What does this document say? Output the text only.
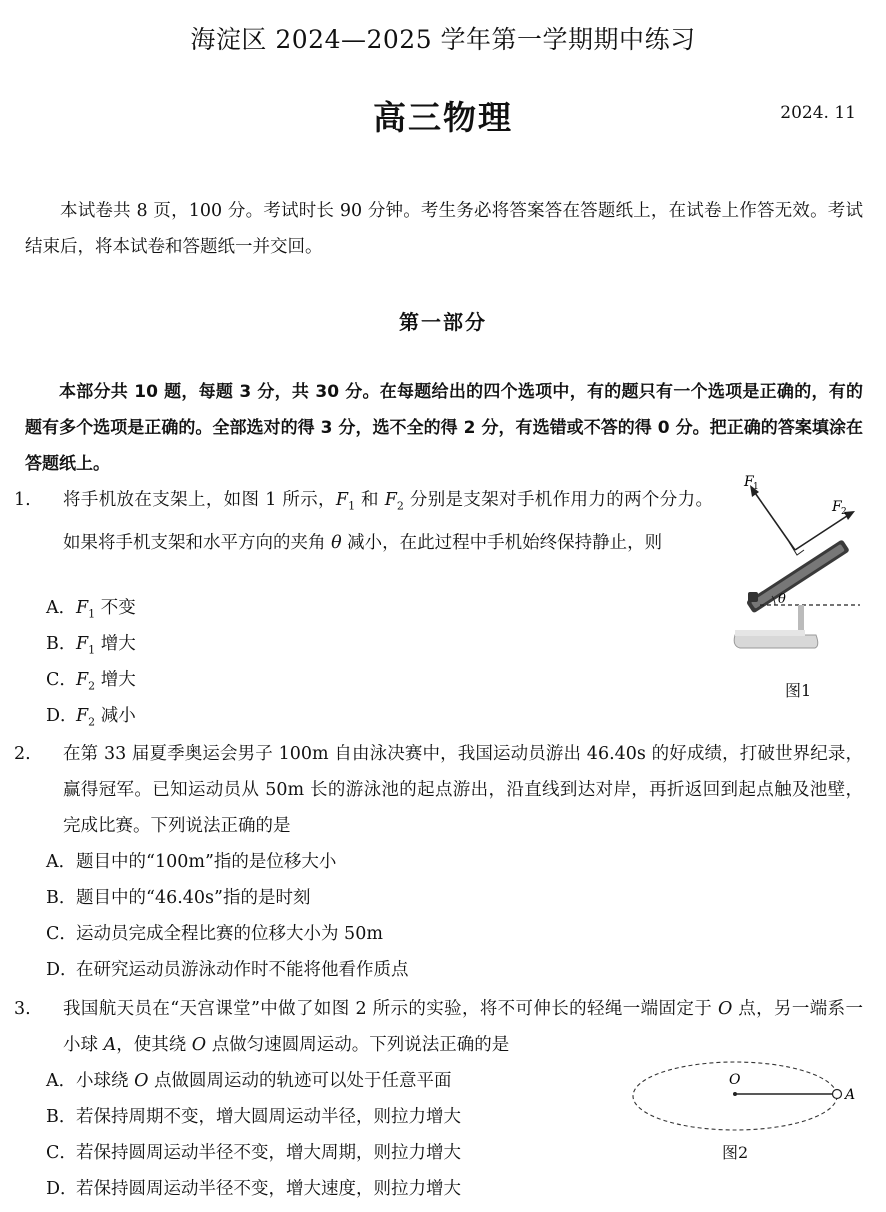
海淀区 2024—2025 学年第一学期期中练习
高三物理	2024. 11
本试卷共 8 页，100 分。考试时长 90 分钟。考生务必将答案答在答题纸上，在试卷上作答无效。考试结束后，将本试卷和答题纸一并交回。
第一部分
本部分共 10 题，每题 3 分，共 30 分。在每题给出的四个选项中，有的题只有一个选项是正确的，有的题有多个选项是正确的。全部选对的得 3 分，选不全的得 2 分，有选错或不答的得 0 分。把正确的答案填涂在答题纸上。
1. 将手机放在支架上，如图 1 所示，$F_1$ 和 $F_2$ 分别是支架对手机作用力的两个分力。如果将手机支架和水平方向的夹角 θ 减小，在此过程中手机始终保持静止，则
A．$F_1$ 不变
B．$F_1$ 增大
C．$F_2$ 增大
D．$F_2$ 减小
F 1
F 2
θ
图1
2. 在第 33 届夏季奥运会男子 100m 自由泳决赛中，我国运动员游出 46.40s 的好成绩，打破世界纪录，赢得冠军。已知运动员从 50m 长的游泳池的起点游出，沿直线到达对岸，再折返回到起点触及池壁，完成比赛。下列说法正确的是
A．题目中的“100m”指的是位移大小
B．题目中的“46.40s”指的是时刻
C．运动员完成全程比赛的位移大小为 50m
D．在研究运动员游泳动作时不能将他看作质点
3. 我国航天员在“天宫课堂”中做了如图 2 所示的实验，将不可伸长的轻绳一端固定于 O 点，另一端系一小球 A，使其绕 O 点做匀速圆周运动。下列说法正确的是
A．小球绕 O 点做圆周运动的轨迹可以处于任意平面
B．若保持周期不变，增大圆周运动半径，则拉力增大
C．若保持圆周运动半径不变，增大周期，则拉力增大
D．若保持圆周运动半径不变，增大速度，则拉力增大
O
A
图2
